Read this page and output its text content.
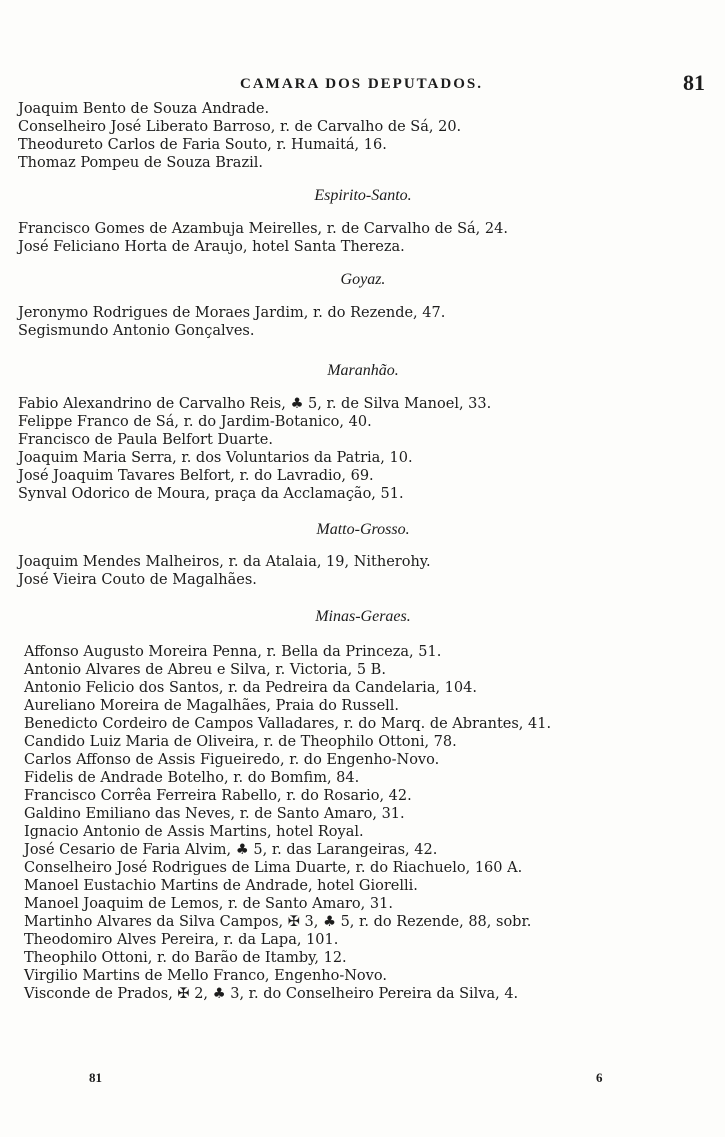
CAMARA DOS DEPUTADOS.	81
Joaquim Bento de Souza Andrade.
Conselheiro José Liberato Barroso, r. de Carvalho de Sá, 20.
Theodureto Carlos de Faria Souto, r. Humaitá, 16.
Thomaz Pompeu de Souza Brazil.
Espirito-Santo.
Francisco Gomes de Azambuja Meirelles, r. de Carvalho de Sá, 24.
José Feliciano Horta de Araujo, hotel Santa Thereza.
Goyaz.
Jeronymo Rodrigues de Moraes Jardim, r. do Rezende, 47.
Segismundo Antonio Gonçalves.
Maranhão.
Fabio Alexandrino de Carvalho Reis, ♣ 5, r. de Silva Manoel, 33.
Felippe Franco de Sá, r. do Jardim-Botanico, 40.
Francisco de Paula Belfort Duarte.
Joaquim Maria Serra, r. dos Voluntarios da Patria, 10.
José Joaquim Tavares Belfort, r. do Lavradio, 69.
Synval Odorico de Moura, praça da Acclamação, 51.
Matto-Grosso.
Joaquim Mendes Malheiros, r. da Atalaia, 19, Nitherohy.
José Vieira Couto de Magalhães.
Minas-Geraes.
Affonso Augusto Moreira Penna, r. Bella da Princeza, 51.
Antonio Alvares de Abreu e Silva, r. Victoria, 5 B.
Antonio Felicio dos Santos, r. da Pedreira da Candelaria, 104.
Aureliano Moreira de Magalhães, Praia do Russell.
Benedicto Cordeiro de Campos Valladares, r. do Marq. de Abrantes, 41.
Candido Luiz Maria de Oliveira, r. de Theophilo Ottoni, 78.
Carlos Affonso de Assis Figueiredo, r. do Engenho-Novo.
Fidelis de Andrade Botelho, r. do Bomfim, 84.
Francisco Corrêa Ferreira Rabello, r. do Rosario, 42.
Galdino Emiliano das Neves, r. de Santo Amaro, 31.
Ignacio Antonio de Assis Martins, hotel Royal.
José Cesario de Faria Alvim, ♣ 5, r. das Larangeiras, 42.
Conselheiro José Rodrigues de Lima Duarte, r. do Riachuelo, 160 A.
Manoel Eustachio Martins de Andrade, hotel Giorelli.
Manoel Joaquim de Lemos, r. de Santo Amaro, 31.
Martinho Alvares da Silva Campos, ✠ 3, ♣ 5, r. do Rezende, 88, sobr.
Theodomiro Alves Pereira, r. da Lapa, 101.
Theophilo Ottoni, r. do Barão de Itamby, 12.
Virgilio Martins de Mello Franco, Engenho-Novo.
Visconde de Prados, ✠ 2, ♣ 3, r. do Conselheiro Pereira da Silva, 4.
81	6
